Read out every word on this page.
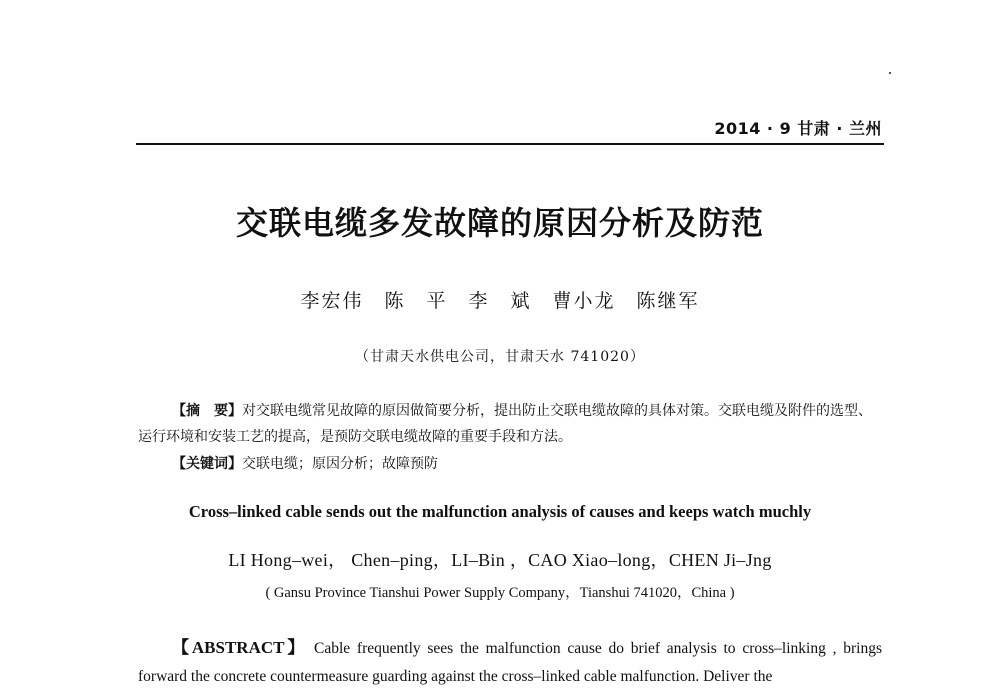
2014 · 9 甘肃 · 兰州
交联电缆多发故障的原因分析及防范
李宏伟　陈　平　李　斌　曹小龙　陈继军
（甘肃天水供电公司，甘肃天水 741020）

【摘　要】对交联电缆常见故障的原因做简要分析，提出防止交联电缆故障的具体对策。交联电缆及附件的选型、运行环境和安装工艺的提高，是预防交联电缆故障的重要手段和方法。

【关键词】交联电缆；原因分析；故障预防

Cross–linked cable sends out the malfunction analysis of causes and keeps watch muchly
LI Hong–wei， Chen–ping，LI–Bin ，CAO Xiao–long，CHEN Ji–Jng
( Gansu Province Tianshui Power Supply Company，Tianshui 741020，China )

【ABSTRACT】 Cable frequently sees the malfunction cause do brief analysis to cross–linking , brings forward the concrete countermeasure guarding against the cross–linked cable malfunction. Deliver the
